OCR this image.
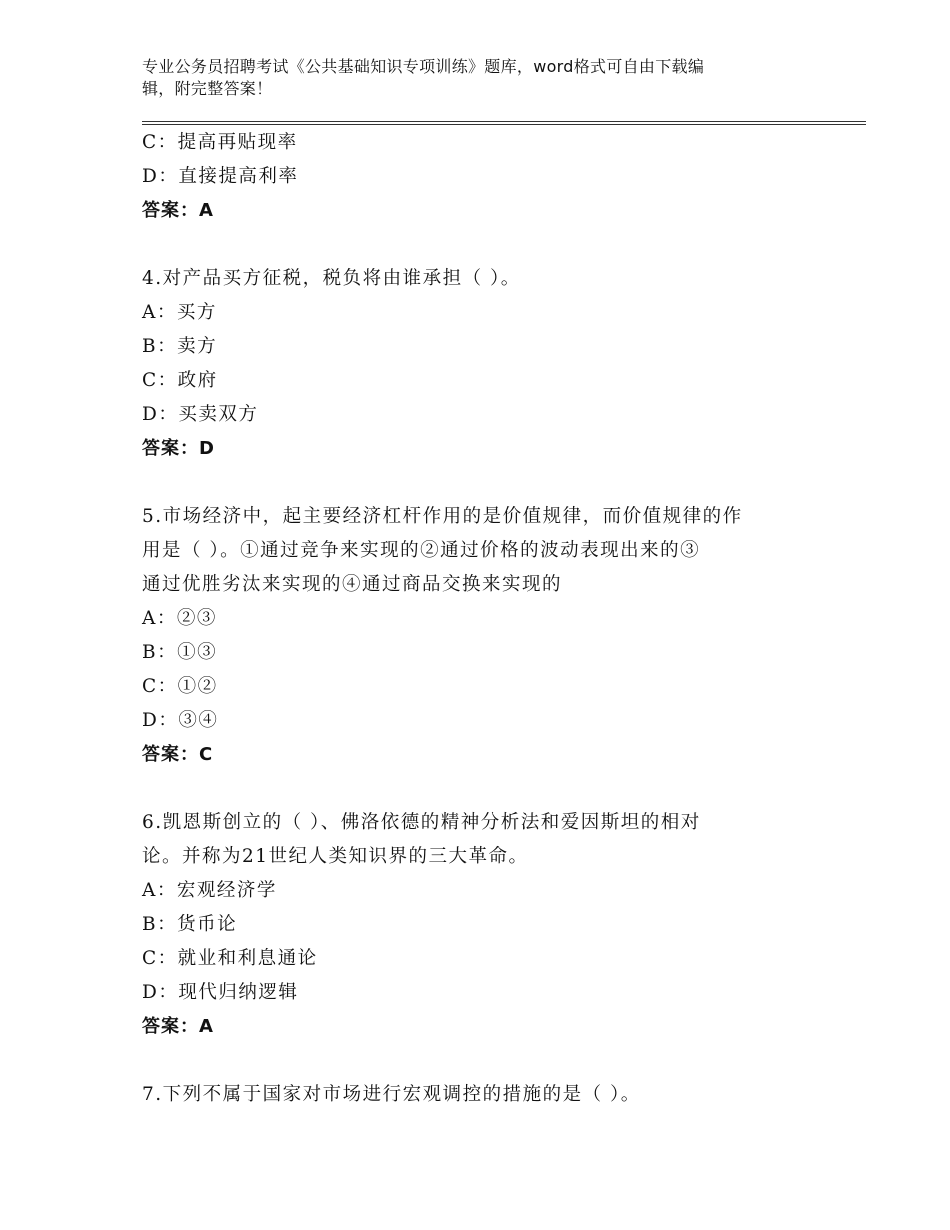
专业公务员招聘考试《公共基础知识专项训练》题库，word格式可自由下载编
辑，附完整答案！
C：提高再贴现率
D：直接提高利率
答案：A
4.对产品买方征税，税负将由谁承担（ ）。
A：买方
B：卖方
C：政府
D：买卖双方
答案：D
5.市场经济中，起主要经济杠杆作用的是价值规律，而价值规律的作
用是（ ）。①通过竞争来实现的②通过价格的波动表现出来的③
通过优胜劣汰来实现的④通过商品交换来实现的
A：②③
B：①③
C：①②
D：③④
答案：C
6.凯恩斯创立的（ ）、佛洛依德的精神分析法和爱因斯坦的相对
论。并称为21世纪人类知识界的三大革命。
A：宏观经济学
B：货币论
C：就业和利息通论
D：现代归纳逻辑
答案：A
7.下列不属于国家对市场进行宏观调控的措施的是（ ）。
